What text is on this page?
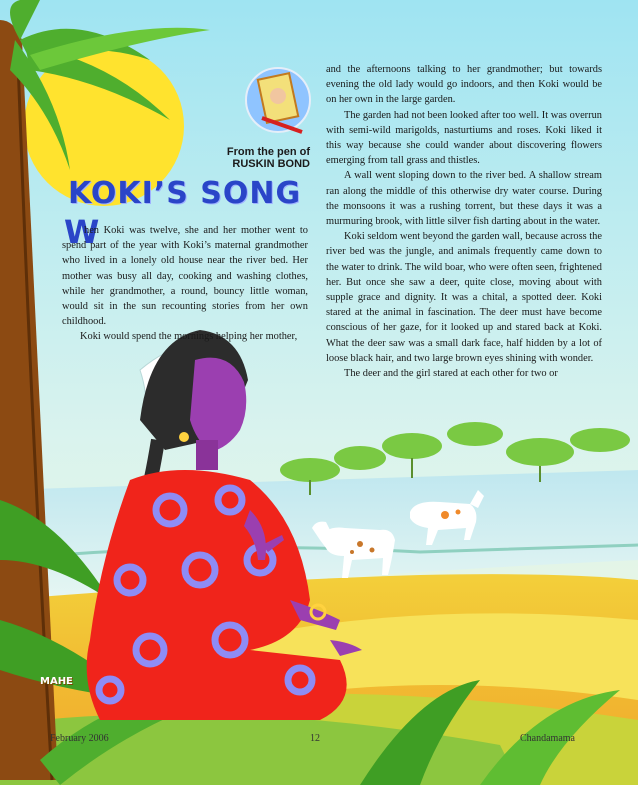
From the pen of
RUSKIN BOND
KOKI’S SONG
W

hen Koki was twelve, she and her mother went to spend part of the year with Koki’s maternal grandmother who lived in a lonely old house near the river bed. Her mother was busy all day, cooking and washing clothes, while her grandmother, a round, bouncy little woman, would sit in the sun recounting stories from her own childhood.

Koki would spend the mornings helping her mother,

and the afternoons talking to her grandmother; but towards evening the old lady would go indoors, and then Koki would be on her own in the large garden.

The garden had not been looked after too well. It was overrun with semi-wild marigolds, nasturtiums and roses. Koki liked it this way because she could wander about discovering flowers emerging from tall grass and thistles.

A wall went sloping down to the river bed. A shallow stream ran along the middle of this otherwise dry water course. During the monsoons it was a rushing torrent, but these days it was a murmuring brook, with little silver fish darting about in the water.

Koki seldom went beyond the garden wall, because across the river bed was the jungle, and animals frequently came down to the water to drink. The wild boar, who were often seen, frightened her. But once she saw a deer, quite close, moving about with supple grace and dignity. It was a chital, a spotted deer. Koki stared at the animal in fascination. The deer must have become conscious of her gaze, for it looked up and stared back at Koki. What the deer saw was a small dark face, half hidden by a lot of loose black hair, and two large brown eyes shining with wonder.

The deer and the girl stared at each other for two or

MAHE
February 2006	12	Chandamama
